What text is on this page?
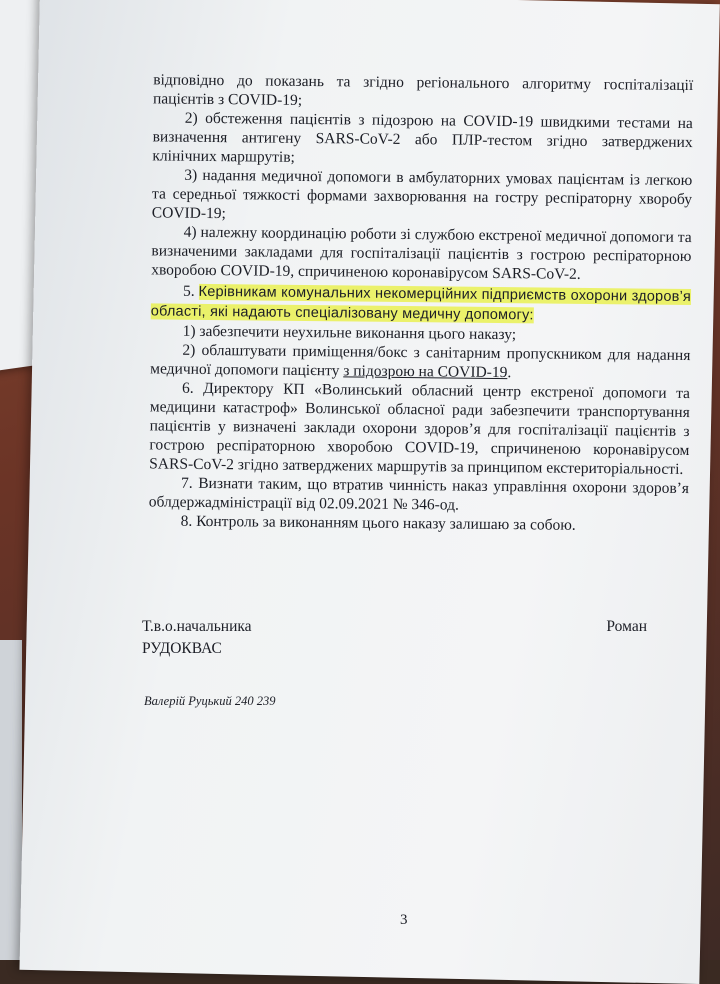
відповідно до показань та згідно регіонального алгоритму госпіталізації пацієнтів з COVID-19;

2) обстеження пацієнтів з підозрою на COVID-19 швидкими тестами на визначення антигену SARS-CoV-2 або ПЛР-тестом згідно затверджених клінічних маршрутів;

3) надання медичної допомоги в амбулаторних умовах пацієнтам із легкою та середньої тяжкості формами захворювання на гостру респіраторну хворобу COVID-19;

4) належну координацію роботи зі службою екстреної медичної допомоги та визначеними закладами для госпіталізації пацієнтів з гострою респіраторною хворобою COVID-19, спричиненою коронавірусом SARS-CoV-2.

5. Керівникам комунальних некомерційних підприємств охорони здоров’я області, які надають спеціалізовану медичну допомогу:

1) забезпечити неухильне виконання цього наказу;

2) облаштувати приміщення/бокс з санітарним пропускником для надання медичної допомоги пацієнту з підозрою на COVID-19.

6. Директору КП «Волинський обласний центр екстреної допомоги та медицини катастроф» Волинської обласної ради забезпечити транспортування пацієнтів у визначені заклади охорони здоров’я для госпіталізації пацієнтів з гострою респіраторною хворобою COVID-19, спричиненою коронавірусом SARS-CoV-2 згідно затверджених маршрутів за принципом екстериторіальності.

7. Визнати таким, що втратив чинність наказ управління охорони здоров’я облдержадміністрації від 02.09.2021 № 346-од.

8. Контроль за виконанням цього наказу залишаю за собою.

Т.в.о.начальника	Роман
РУДОКВАС
Валерій Руцький 240 239
3
